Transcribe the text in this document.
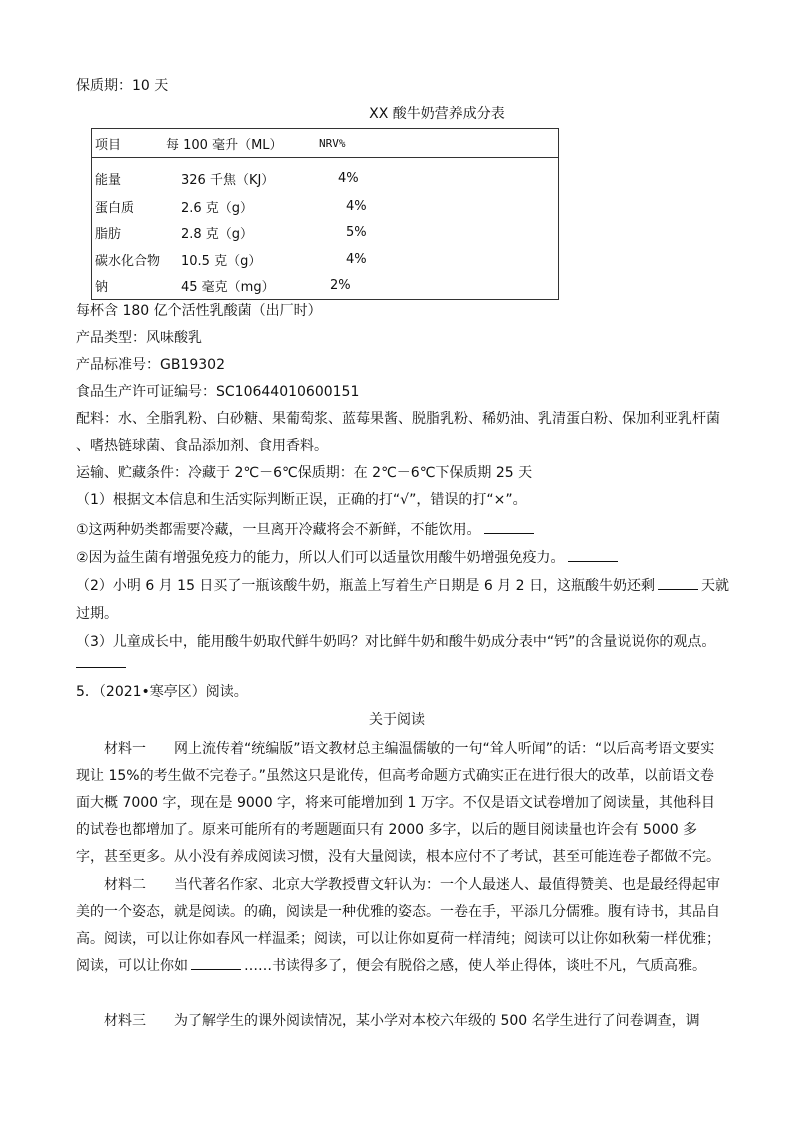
保质期：10 天
XX 酸牛奶营养成分表
项目	每 100 毫升（ML）	NRV%
能量	326 千焦（KJ）	4%
蛋白质	2.6 克（g）	4%
脂肪	2.8 克（g）	5%
碳水化合物	10.5 克（g）	4%
钠	45 毫克（mg）	2%
每杯含 180 亿个活性乳酸菌（出厂时）
产品类型：风味酸乳
产品标准号：GB19302
食品生产许可证编号：SC10644010600151
配料：水、全脂乳粉、白砂糖、果葡萄浆、蓝莓果酱、脱脂乳粉、稀奶油、乳清蛋白粉、保加利亚乳杆菌
、嗜热链球菌、食品添加剂、食用香料。
运输、贮藏条件：冷藏于 2℃－6℃保质期：在 2℃－6℃下保质期 25 天
（1）根据文本信息和生活实际判断正误，正确的打“√”，错误的打“×”。
①这两种奶类都需要冷藏，一旦离开冷藏将会不新鲜，不能饮用。
②因为益生菌有增强免疫力的能力，所以人们可以适量饮用酸牛奶增强免疫力。
（2）小明 6 月 15 日买了一瓶该酸牛奶，瓶盖上写着生产日期是 6 月 2 日，这瓶酸牛奶还剩	天就
过期。
（3）儿童成长中，能用酸牛奶取代鲜牛奶吗？对比鲜牛奶和酸牛奶成分表中“钙”的含量说说你的观点。
5．（2021•寒亭区）阅读。
关于阅读
材料一 网上流传着“统编版”语文教材总主编温儒敏的一句“耸人听闻”的话：“以后高考语文要实现让 15%的考生做不完卷子。”虽然这只是讹传，但高考命题方式确实正在进行很大的改革，以前语文卷面大概 7000 字，现在是 9000 字，将来可能增加到 1 万字。不仅是语文试卷增加了阅读量，其他科目的试卷也都增加了。原来可能所有的考题题面只有 2000 多字，以后的题目阅读量也许会有 5000 多字，甚至更多。从小没有养成阅读习惯，没有大量阅读，根本应付不了考试，甚至可能连卷子都做不完。
材料二 当代著名作家、北京大学教授曹文轩认为：一个人最迷人、最值得赞美、也是最经得起审美的一个姿态，就是阅读。的确，阅读是一种优雅的姿态。一卷在手，平添几分儒雅。腹有诗书，其品自高。阅读，可以让你如春风一样温柔；阅读，可以让你如夏荷一样清纯；阅读可以让你如秋菊一样优雅；阅读，可以让你如	……书读得多了，便会有脱俗之感，使人举止得体，谈吐不凡，气质高雅。
材料三 为了解学生的课外阅读情况，某小学对本校六年级的 500 名学生进行了问卷调查，调
